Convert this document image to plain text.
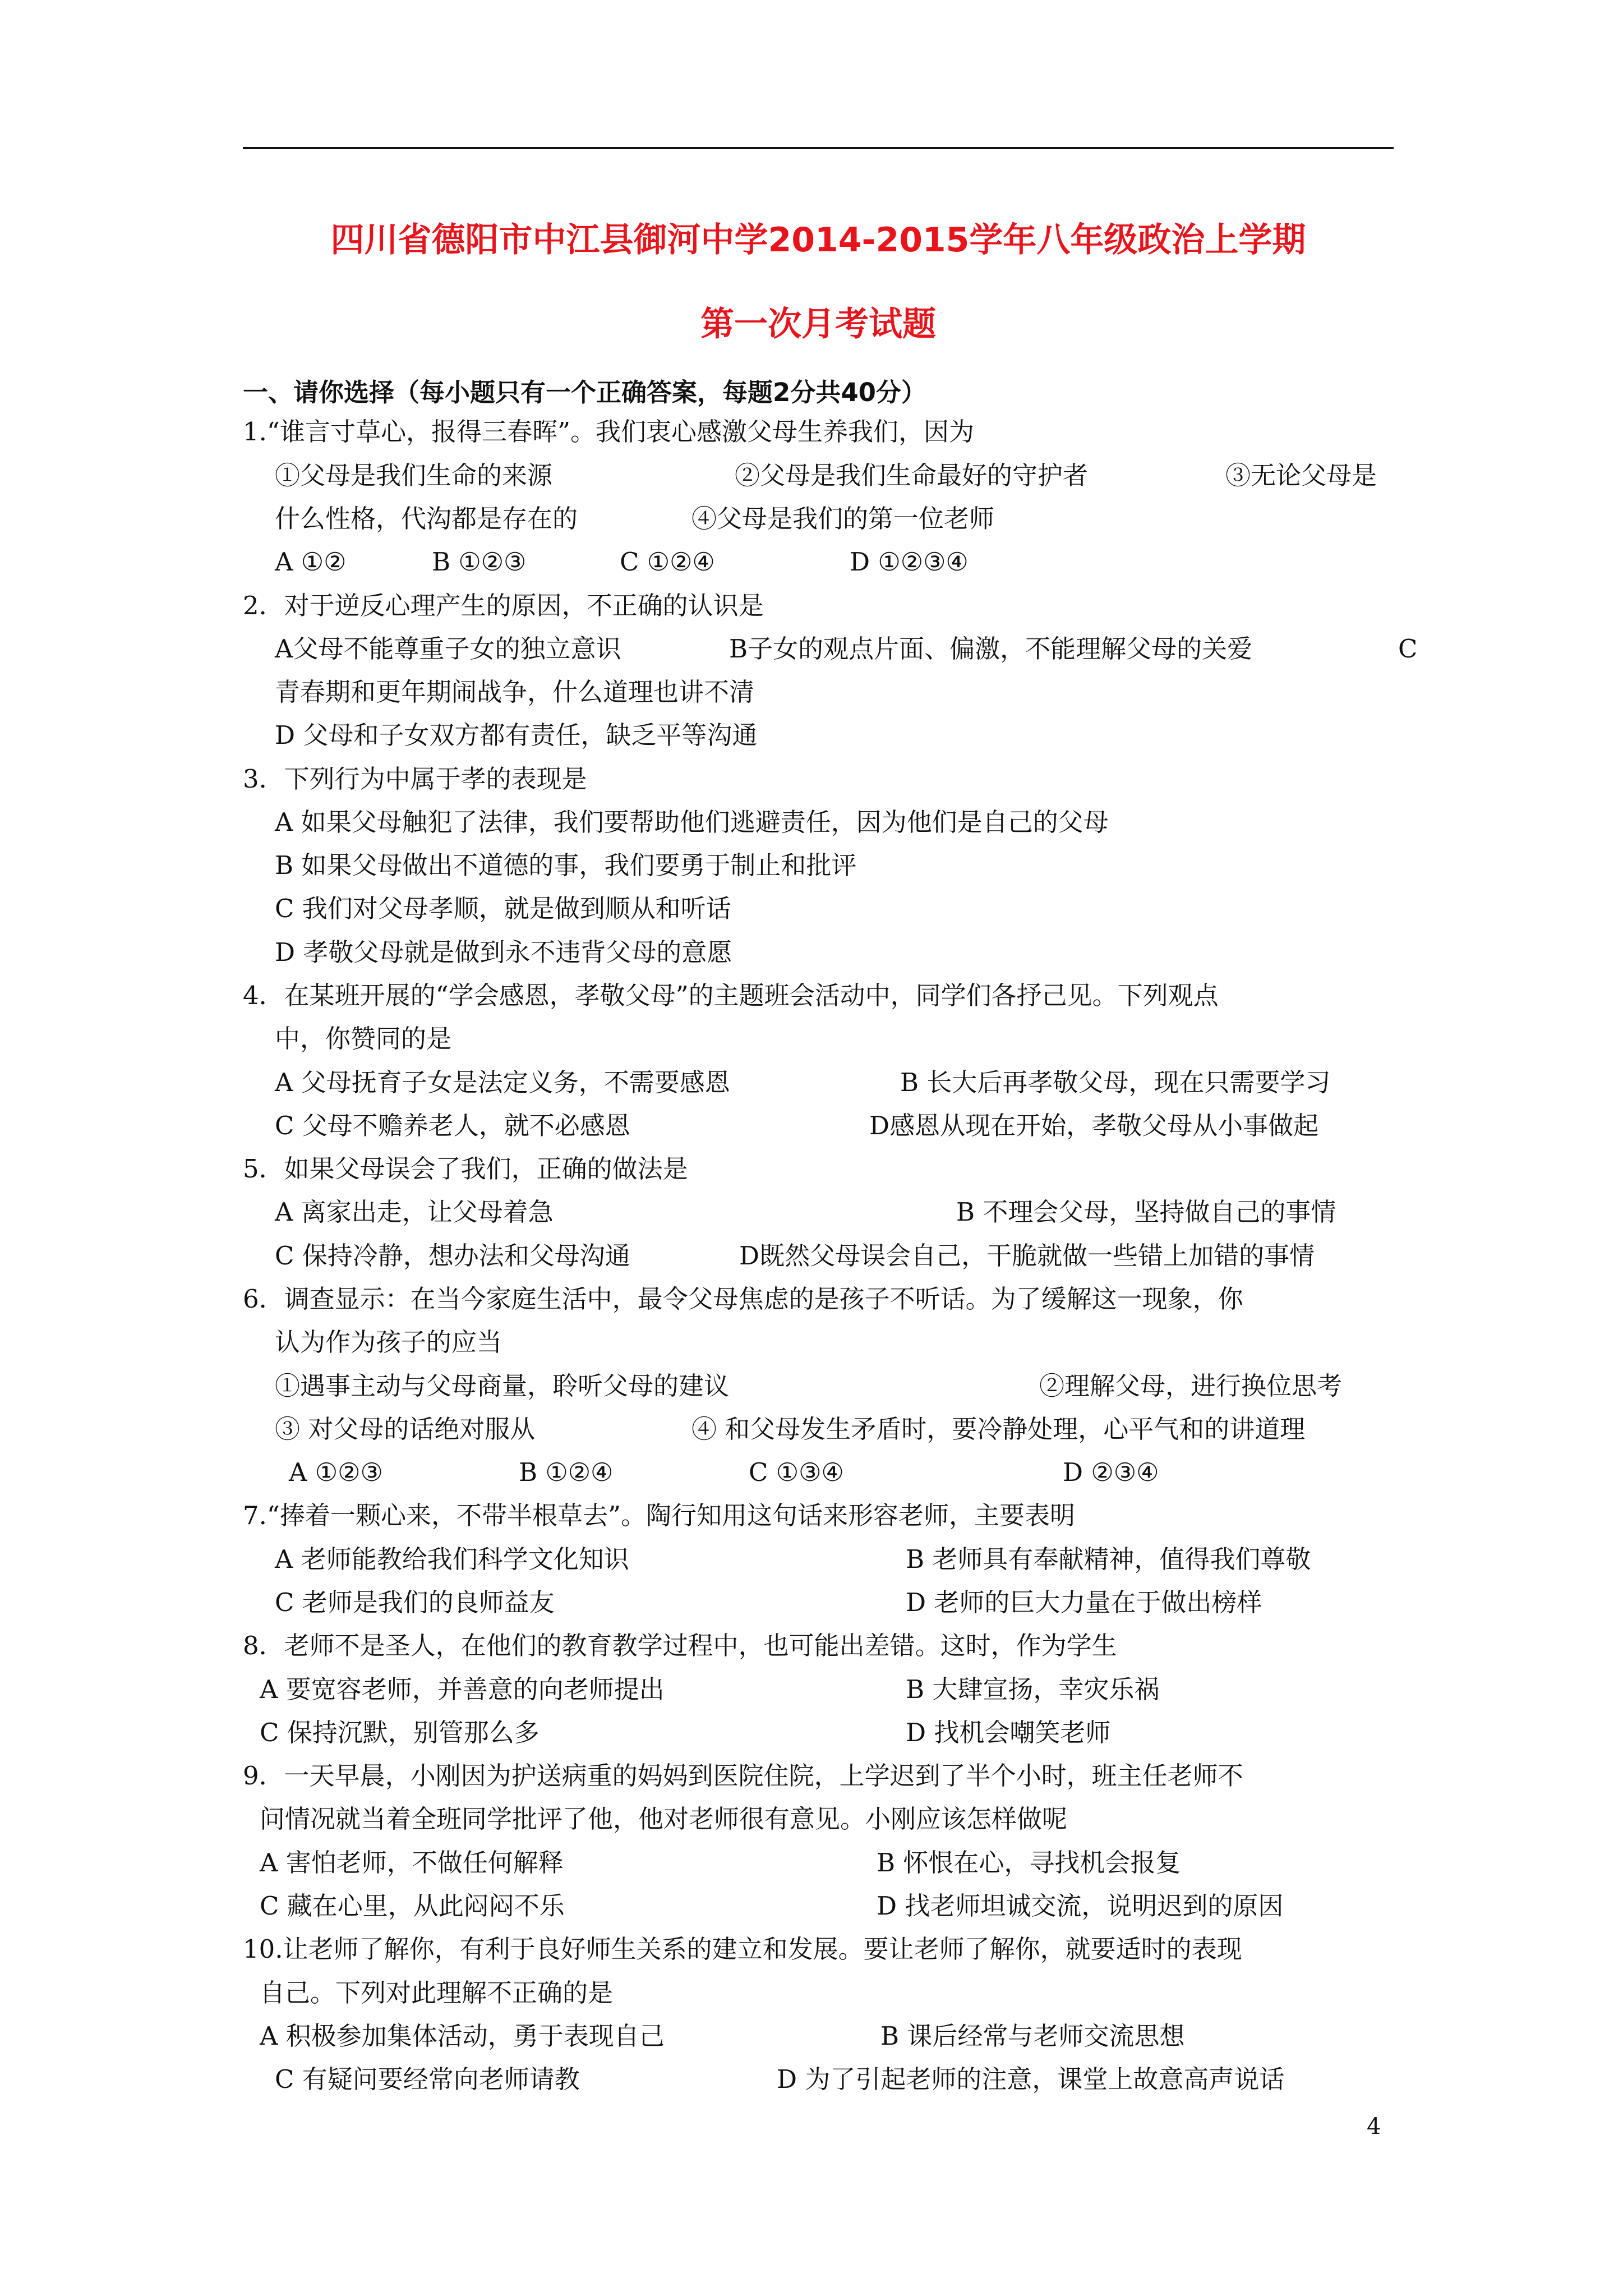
四川省德阳市中江县御河中学2014-2015学年八年级政治上学期
第一次月考试题
一、请你选择（每小题只有一个正确答案，每题2分共40分）
1.“谁言寸草心，报得三春晖”。我们衷心感激父母生养我们，因为
①父母是我们生命的来源	②父母是我们生命最好的守护者	③无论父母是
什么性格，代沟都是存在的	④父母是我们的第一位老师
A ①②	B ①②③	C ①②④	D ①②③④
2．对于逆反心理产生的原因，不正确的认识是
A父母不能尊重子女的独立意识	B子女的观点片面、偏激，不能理解父母的关爱	C
青春期和更年期闹战争，什么道理也讲不清
D 父母和子女双方都有责任，缺乏平等沟通
3．下列行为中属于孝的表现是
A 如果父母触犯了法律，我们要帮助他们逃避责任，因为他们是自己的父母
B 如果父母做出不道德的事，我们要勇于制止和批评
C 我们对父母孝顺，就是做到顺从和听话
D 孝敬父母就是做到永不违背父母的意愿
4．在某班开展的“学会感恩，孝敬父母”的主题班会活动中，同学们各抒己见。下列观点
中，你赞同的是
A 父母抚育子女是法定义务，不需要感恩	B 长大后再孝敬父母，现在只需要学习
C 父母不赡养老人，就不必感恩	D感恩从现在开始，孝敬父母从小事做起
5．如果父母误会了我们，正确的做法是
A 离家出走，让父母着急	B 不理会父母，坚持做自己的事情
C 保持冷静，想办法和父母沟通	D既然父母误会自己，干脆就做一些错上加错的事情
6．调查显示：在当今家庭生活中，最令父母焦虑的是孩子不听话。为了缓解这一现象，你
认为作为孩子的应当
①遇事主动与父母商量，聆听父母的建议	②理解父母，进行换位思考
③ 对父母的话绝对服从	④ 和父母发生矛盾时，要冷静处理，心平气和的讲道理
A ①②③	B ①②④	C ①③④	D ②③④
7.“捧着一颗心来，不带半根草去”。陶行知用这句话来形容老师，主要表明
A 老师能教给我们科学文化知识	B 老师具有奉献精神，值得我们尊敬
C 老师是我们的良师益友	D 老师的巨大力量在于做出榜样
8．老师不是圣人，在他们的教育教学过程中，也可能出差错。这时，作为学生
A 要宽容老师，并善意的向老师提出	B 大肆宣扬，幸灾乐祸
C 保持沉默，别管那么多	D 找机会嘲笑老师
9．一天早晨，小刚因为护送病重的妈妈到医院住院，上学迟到了半个小时，班主任老师不
问情况就当着全班同学批评了他，他对老师很有意见。小刚应该怎样做呢
A 害怕老师，不做任何解释	B 怀恨在心，寻找机会报复
C 藏在心里，从此闷闷不乐	D 找老师坦诚交流，说明迟到的原因
10.让老师了解你，有利于良好师生关系的建立和发展。要让老师了解你，就要适时的表现
自己。下列对此理解不正确的是
A 积极参加集体活动，勇于表现自己	B 课后经常与老师交流思想
C 有疑问要经常向老师请教	D 为了引起老师的注意，课堂上故意高声说话
4
